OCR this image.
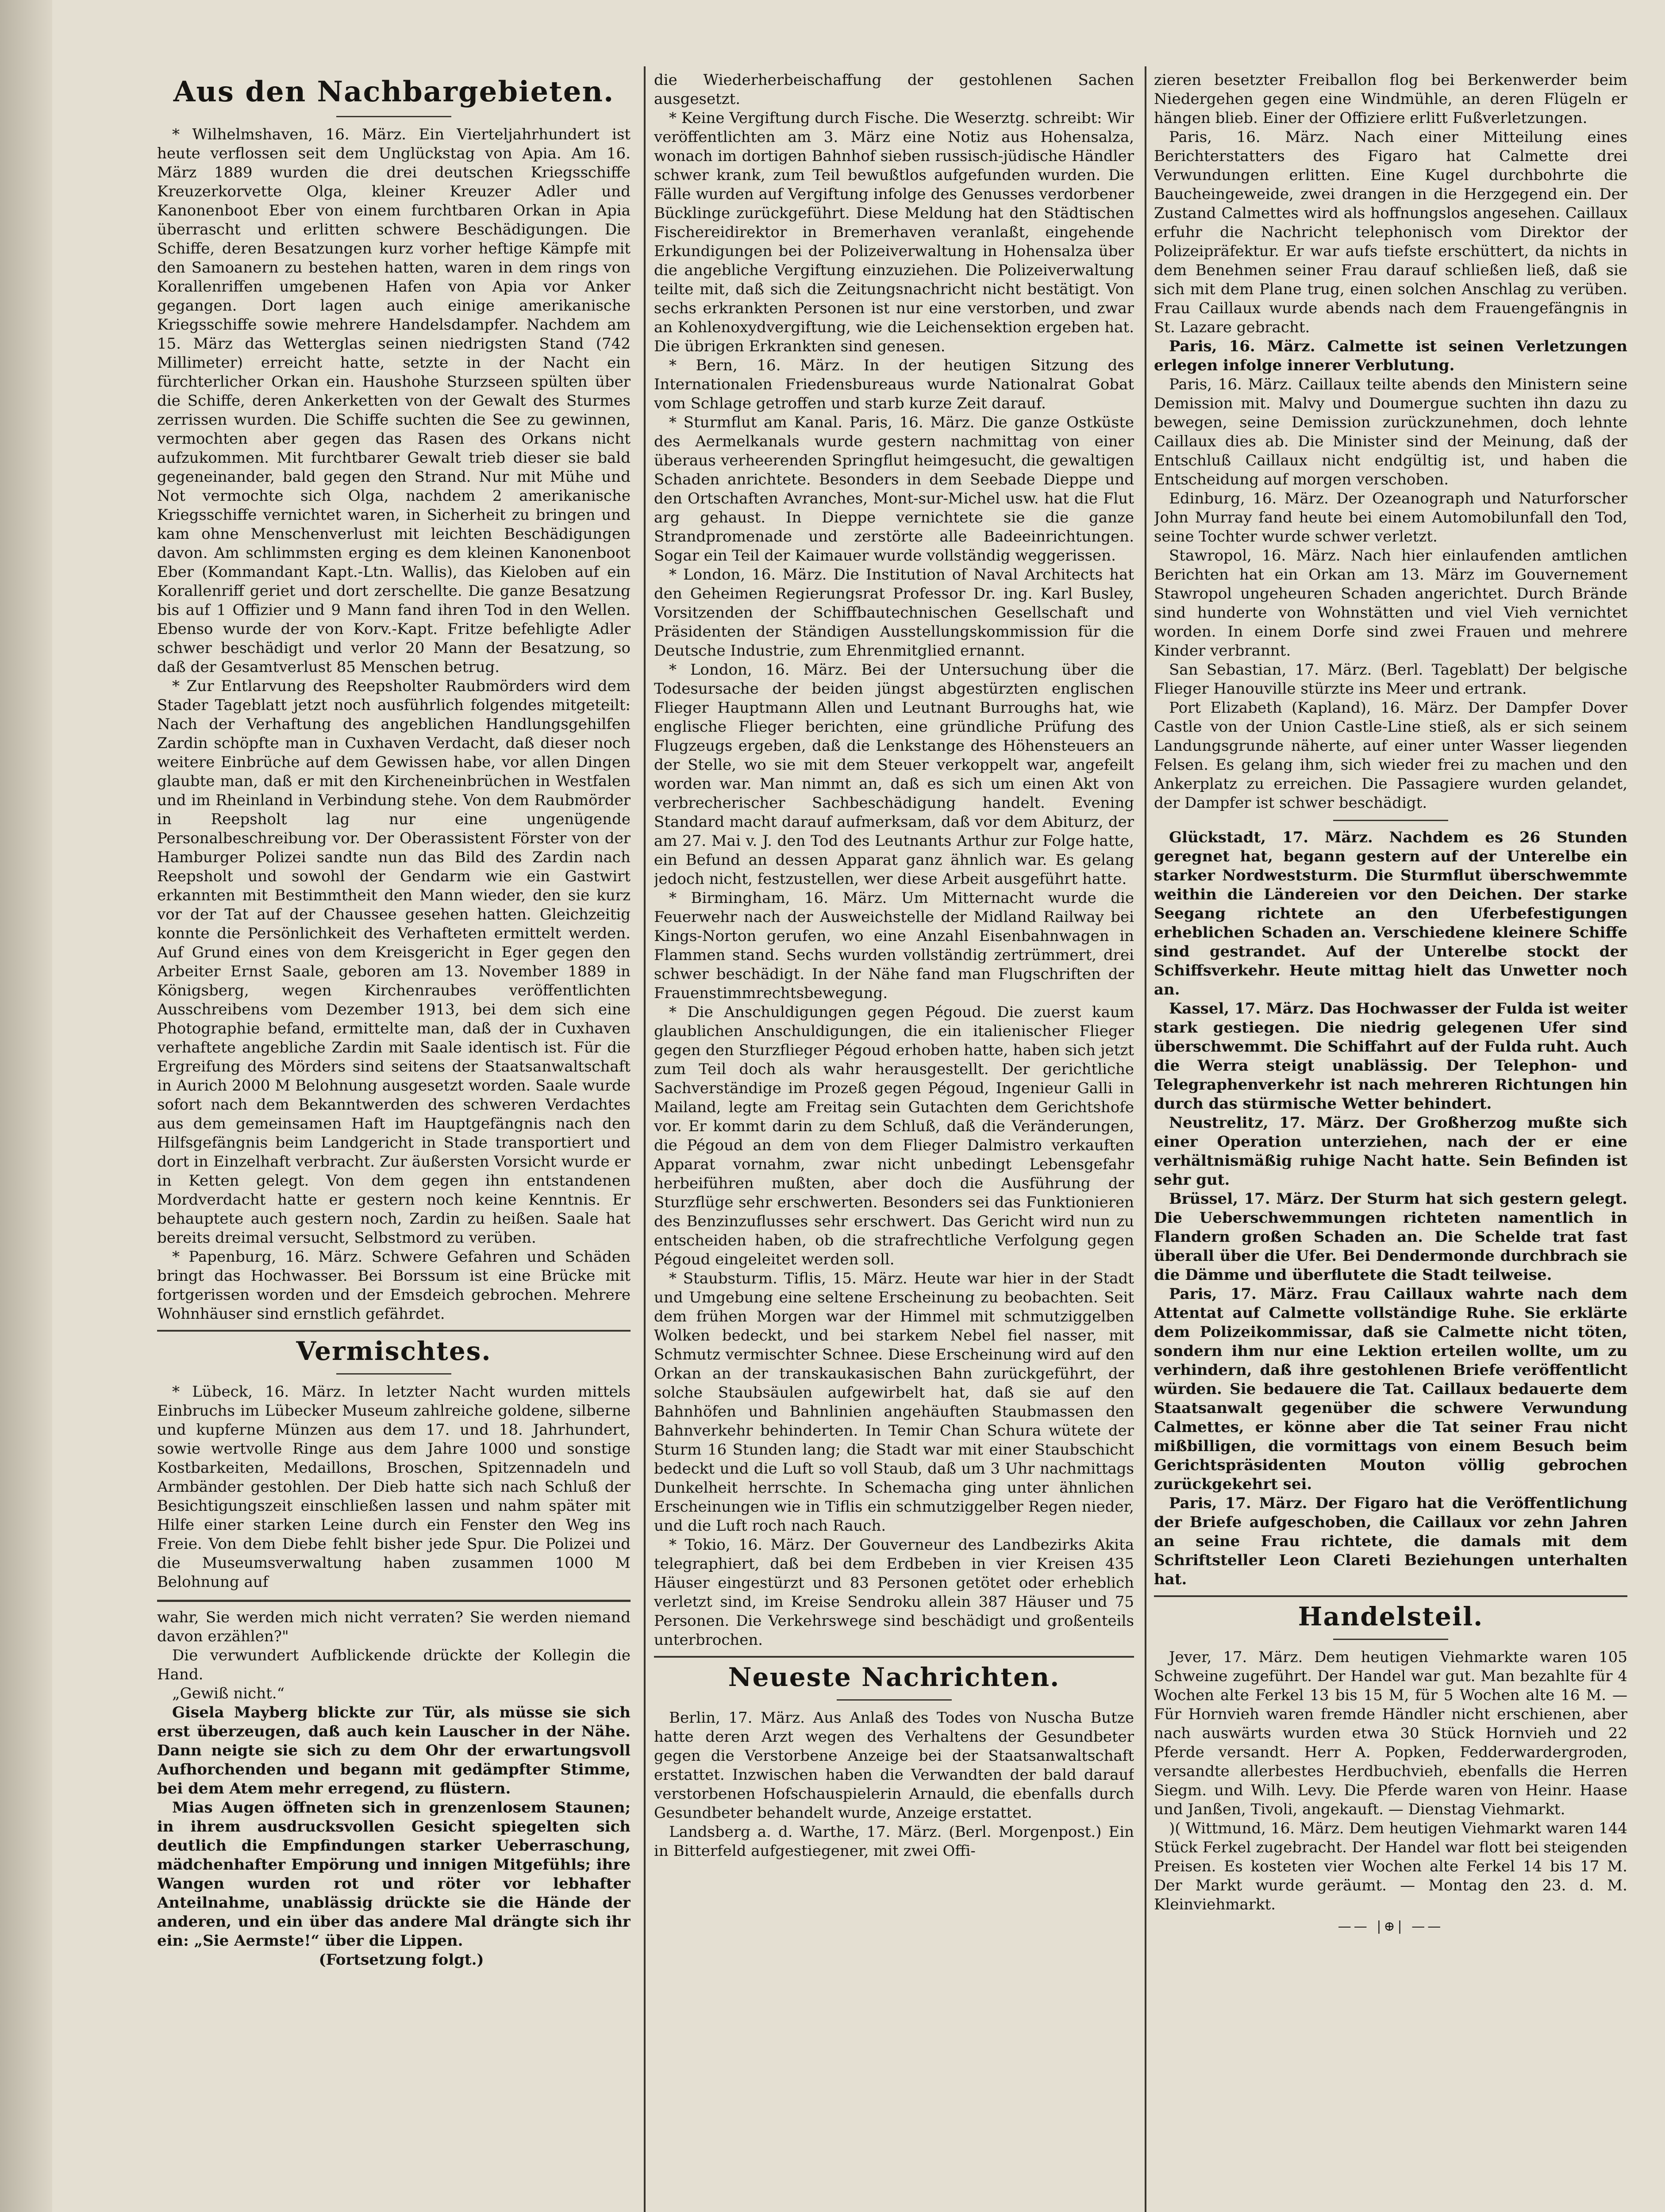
Aus den Nachbargebieten.

* Wilhelmshaven, 16. März. Ein Vierteljahrhundert ist heute verflossen seit dem Unglückstag von Apia. Am 16. März 1889 wurden die drei deutschen Kriegsschiffe Kreuzerkorvette Olga, kleiner Kreuzer Adler und Kanonenboot Eber von einem furchtbaren Orkan in Apia überrascht und erlitten schwere Beschädigungen. Die Schiffe, deren Besatzungen kurz vorher heftige Kämpfe mit den Samoanern zu bestehen hatten, waren in dem rings von Korallenriffen umgebenen Hafen von Apia vor Anker gegangen. Dort lagen auch einige amerikanische Kriegsschiffe sowie mehrere Handelsdampfer. Nachdem am 15. März das Wetterglas seinen niedrigsten Stand (742 Millimeter) erreicht hatte, setzte in der Nacht ein fürchterlicher Orkan ein. Haushohe Sturzseen spülten über die Schiffe, deren Ankerketten von der Gewalt des Sturmes zerrissen wurden. Die Schiffe suchten die See zu gewinnen, vermochten aber gegen das Rasen des Orkans nicht aufzukommen. Mit furchtbarer Gewalt trieb dieser sie bald gegeneinander, bald gegen den Strand. Nur mit Mühe und Not vermochte sich Olga, nachdem 2 amerikanische Kriegsschiffe vernichtet waren, in Sicherheit zu bringen und kam ohne Menschenverlust mit leichten Beschädigungen davon. Am schlimmsten erging es dem kleinen Kanonenboot Eber (Kommandant Kapt.-Ltn. Wallis), das Kieloben auf ein Korallenriff geriet und dort zerschellte. Die ganze Besatzung bis auf 1 Offizier und 9 Mann fand ihren Tod in den Wellen. Ebenso wurde der von Korv.-Kapt. Fritze befehligte Adler schwer beschädigt und verlor 20 Mann der Besatzung, so daß der Gesamtverlust 85 Menschen betrug.

* Zur Entlarvung des Reepsholter Raubmörders wird dem Stader Tageblatt jetzt noch ausführlich folgendes mitgeteilt: Nach der Verhaftung des angeblichen Handlungsgehilfen Zardin schöpfte man in Cuxhaven Verdacht, daß dieser noch weitere Einbrüche auf dem Gewissen habe, vor allen Dingen glaubte man, daß er mit den Kircheneinbrüchen in Westfalen und im Rheinland in Verbindung stehe. Von dem Raubmörder in Reepsholt lag nur eine ungenügende Personalbeschreibung vor. Der Oberassistent Förster von der Hamburger Polizei sandte nun das Bild des Zardin nach Reepsholt und sowohl der Gendarm wie ein Gastwirt erkannten mit Bestimmtheit den Mann wieder, den sie kurz vor der Tat auf der Chaussee gesehen hatten. Gleichzeitig konnte die Persönlichkeit des Verhafteten ermittelt werden. Auf Grund eines von dem Kreisgericht in Eger gegen den Arbeiter Ernst Saale, geboren am 13. November 1889 in Königsberg, wegen Kirchenraubes veröffentlichten Ausschreibens vom Dezember 1913, bei dem sich eine Photographie befand, ermittelte man, daß der in Cuxhaven verhaftete angebliche Zardin mit Saale identisch ist. Für die Ergreifung des Mörders sind seitens der Staatsanwaltschaft in Aurich 2000 M Belohnung ausgesetzt worden. Saale wurde sofort nach dem Bekanntwerden des schweren Verdachtes aus dem gemeinsamen Haft im Hauptgefängnis nach den Hilfsgefängnis beim Landgericht in Stade transportiert und dort in Einzelhaft verbracht. Zur äußersten Vorsicht wurde er in Ketten gelegt. Von dem gegen ihn entstandenen Mordverdacht hatte er gestern noch keine Kenntnis. Er behauptete auch gestern noch, Zardin zu heißen. Saale hat bereits dreimal versucht, Selbstmord zu verüben.

* Papenburg, 16. März. Schwere Gefahren und Schäden bringt das Hochwasser. Bei Borssum ist eine Brücke mit fortgerissen worden und der Emsdeich gebrochen. Mehrere Wohnhäuser sind ernstlich gefährdet.

Vermischtes.

* Lübeck, 16. März. In letzter Nacht wurden mittels Einbruchs im Lübecker Museum zahlreiche goldene, silberne und kupferne Münzen aus dem 17. und 18. Jahrhundert, sowie wertvolle Ringe aus dem Jahre 1000 und sonstige Kostbarkeiten, Medaillons, Broschen, Spitzennadeln und Armbänder gestohlen. Der Dieb hatte sich nach Schluß der Besichtigungszeit einschließen lassen und nahm später mit Hilfe einer starken Leine durch ein Fenster den Weg ins Freie. Von dem Diebe fehlt bisher jede Spur. Die Polizei und die Museumsverwaltung haben zusammen 1000 M Belohnung auf

wahr, Sie werden mich nicht verraten? Sie werden niemand davon erzählen?"

Die verwundert Aufblickende drückte der Kollegin die Hand.

„Gewiß nicht.“

Gisela Mayberg blickte zur Tür, als müsse sie sich erst überzeugen, daß auch kein Lauscher in der Nähe. Dann neigte sie sich zu dem Ohr der erwartungsvoll Aufhorchenden und begann mit gedämpfter Stimme, bei dem Atem mehr erregend, zu flüstern.

Mias Augen öffneten sich in grenzenlosem Staunen; in ihrem ausdrucksvollen Gesicht spiegelten sich deutlich die Empfindungen starker Ueberraschung, mädchenhafter Empörung und innigen Mitgefühls; ihre Wangen wurden rot und röter vor lebhafter Anteilnahme, unablässig drückte sie die Hände der anderen, und ein über das andere Mal drängte sich ihr ein: „Sie Aermste!“ über die Lippen.

(Fortsetzung folgt.)

die Wiederherbeischaffung der gestohlenen Sachen ausgesetzt.

* Keine Vergiftung durch Fische. Die Weserztg. schreibt: Wir veröffentlichten am 3. März eine Notiz aus Hohensalza, wonach im dortigen Bahnhof sieben russisch-jüdische Händler schwer krank, zum Teil bewußtlos aufgefunden wurden. Die Fälle wurden auf Vergiftung infolge des Genusses verdorbener Bücklinge zurückgeführt. Diese Meldung hat den Städtischen Fischereidirektor in Bremerhaven veranlaßt, eingehende Erkundigungen bei der Polizeiverwaltung in Hohensalza über die angebliche Vergiftung einzuziehen. Die Polizeiverwaltung teilte mit, daß sich die Zeitungsnachricht nicht bestätigt. Von sechs erkrankten Personen ist nur eine verstorben, und zwar an Kohlenoxydvergiftung, wie die Leichensektion ergeben hat. Die übrigen Erkrankten sind genesen.

* Bern, 16. März. In der heutigen Sitzung des Internationalen Friedensbureaus wurde Nationalrat Gobat vom Schlage getroffen und starb kurze Zeit darauf.

* Sturmflut am Kanal. Paris, 16. März. Die ganze Ostküste des Aermelkanals wurde gestern nachmittag von einer überaus verheerenden Springflut heimgesucht, die gewaltigen Schaden anrichtete. Besonders in dem Seebade Dieppe und den Ortschaften Avranches, Mont-sur-Michel usw. hat die Flut arg gehaust. In Dieppe vernichtete sie die ganze Strandpromenade und zerstörte alle Badeeinrichtungen. Sogar ein Teil der Kaimauer wurde vollständig weggerissen.

* London, 16. März. Die Institution of Naval Architects hat den Geheimen Regierungsrat Professor Dr. ing. Karl Busley, Vorsitzenden der Schiffbautechnischen Gesellschaft und Präsidenten der Ständigen Ausstellungskommission für die Deutsche Industrie, zum Ehrenmitglied ernannt.

* London, 16. März. Bei der Untersuchung über die Todesursache der beiden jüngst abgestürzten englischen Flieger Hauptmann Allen und Leutnant Burroughs hat, wie englische Flieger berichten, eine gründliche Prüfung des Flugzeugs ergeben, daß die Lenkstange des Höhensteuers an der Stelle, wo sie mit dem Steuer verkoppelt war, angefeilt worden war. Man nimmt an, daß es sich um einen Akt von verbrecherischer Sachbeschädigung handelt. Evening Standard macht darauf aufmerksam, daß vor dem Abiturz, der am 27. Mai v. J. den Tod des Leutnants Arthur zur Folge hatte, ein Befund an dessen Apparat ganz ähnlich war. Es gelang jedoch nicht, festzustellen, wer diese Arbeit ausgeführt hatte.

* Birmingham, 16. März. Um Mitternacht wurde die Feuerwehr nach der Ausweichstelle der Midland Railway bei Kings-Norton gerufen, wo eine Anzahl Eisenbahnwagen in Flammen stand. Sechs wurden vollständig zertrümmert, drei schwer beschädigt. In der Nähe fand man Flugschriften der Frauenstimmrechtsbewegung.

* Die Anschuldigungen gegen Pégoud. Die zuerst kaum glaublichen Anschuldigungen, die ein italienischer Flieger gegen den Sturzflieger Pégoud erhoben hatte, haben sich jetzt zum Teil doch als wahr herausgestellt. Der gerichtliche Sachverständige im Prozeß gegen Pégoud, Ingenieur Galli in Mailand, legte am Freitag sein Gutachten dem Gerichtshofe vor. Er kommt darin zu dem Schluß, daß die Veränderungen, die Pégoud an dem von dem Flieger Dalmistro verkauften Apparat vornahm, zwar nicht unbedingt Lebensgefahr herbeiführen mußten, aber doch die Ausführung der Sturzflüge sehr erschwerten. Besonders sei das Funktionieren des Benzinzuflusses sehr erschwert. Das Gericht wird nun zu entscheiden haben, ob die strafrechtliche Verfolgung gegen Pégoud eingeleitet werden soll.

* Staubsturm. Tiflis, 15. März. Heute war hier in der Stadt und Umgebung eine seltene Erscheinung zu beobachten. Seit dem frühen Morgen war der Himmel mit schmutziggelben Wolken bedeckt, und bei starkem Nebel fiel nasser, mit Schmutz vermischter Schnee. Diese Erscheinung wird auf den Orkan an der transkaukasischen Bahn zurückgeführt, der solche Staubsäulen aufgewirbelt hat, daß sie auf den Bahnhöfen und Bahnlinien angehäuften Staubmassen den Bahnverkehr behinderten. In Temir Chan Schura wütete der Sturm 16 Stunden lang; die Stadt war mit einer Staubschicht bedeckt und die Luft so voll Staub, daß um 3 Uhr nachmittags Dunkelheit herrschte. In Schemacha ging unter ähnlichen Erscheinungen wie in Tiflis ein schmutziggelber Regen nieder, und die Luft roch nach Rauch.

* Tokio, 16. März. Der Gouverneur des Landbezirks Akita telegraphiert, daß bei dem Erdbeben in vier Kreisen 435 Häuser eingestürzt und 83 Personen getötet oder erheblich verletzt sind, im Kreise Sendroku allein 387 Häuser und 75 Personen. Die Verkehrswege sind beschädigt und großenteils unterbrochen.

Neueste Nachrichten.

Berlin, 17. März. Aus Anlaß des Todes von Nuscha Butze hatte deren Arzt wegen des Verhaltens der Gesundbeter gegen die Verstorbene Anzeige bei der Staatsanwaltschaft erstattet. Inzwischen haben die Verwandten der bald darauf verstorbenen Hofschauspielerin Arnauld, die ebenfalls durch Gesundbeter behandelt wurde, Anzeige erstattet.

Landsberg a. d. Warthe, 17. März. (Berl. Morgenpost.) Ein in Bitterfeld aufgestiegener, mit zwei Offi-

zieren besetzter Freiballon flog bei Berkenwerder beim Niedergehen gegen eine Windmühle, an deren Flügeln er hängen blieb. Einer der Offiziere erlitt Fußverletzungen.

Paris, 16. März. Nach einer Mitteilung eines Berichterstatters des Figaro hat Calmette drei Verwundungen erlitten. Eine Kugel durchbohrte die Baucheingeweide, zwei drangen in die Herzgegend ein. Der Zustand Calmettes wird als hoffnungslos angesehen. Caillaux erfuhr die Nachricht telephonisch vom Direktor der Polizeipräfektur. Er war aufs tiefste erschüttert, da nichts in dem Benehmen seiner Frau darauf schließen ließ, daß sie sich mit dem Plane trug, einen solchen Anschlag zu verüben. Frau Caillaux wurde abends nach dem Frauengefängnis in St. Lazare gebracht.

Paris, 16. März. Calmette ist seinen Verletzungen erlegen infolge innerer Verblutung.

Paris, 16. März. Caillaux teilte abends den Ministern seine Demission mit. Malvy und Doumergue suchten ihn dazu zu bewegen, seine Demission zurückzunehmen, doch lehnte Caillaux dies ab. Die Minister sind der Meinung, daß der Entschluß Caillaux nicht endgültig ist, und haben die Entscheidung auf morgen verschoben.

Edinburg, 16. März. Der Ozeanograph und Naturforscher John Murray fand heute bei einem Automobilunfall den Tod, seine Tochter wurde schwer verletzt.

Stawropol, 16. März. Nach hier einlaufenden amtlichen Berichten hat ein Orkan am 13. März im Gouvernement Stawropol ungeheuren Schaden angerichtet. Durch Brände sind hunderte von Wohnstätten und viel Vieh vernichtet worden. In einem Dorfe sind zwei Frauen und mehrere Kinder verbrannt.

San Sebastian, 17. März. (Berl. Tageblatt) Der belgische Flieger Hanouville stürzte ins Meer und ertrank.

Port Elizabeth (Kapland), 16. März. Der Dampfer Dover Castle von der Union Castle-Line stieß, als er sich seinem Landungsgrunde näherte, auf einer unter Wasser liegenden Felsen. Es gelang ihm, sich wieder frei zu machen und den Ankerplatz zu erreichen. Die Passagiere wurden gelandet, der Dampfer ist schwer beschädigt.

Glückstadt, 17. März. Nachdem es 26 Stunden geregnet hat, begann gestern auf der Unterelbe ein starker Nordweststurm. Die Sturmflut überschwemmte weithin die Ländereien vor den Deichen. Der starke Seegang richtete an den Uferbefestigungen erheblichen Schaden an. Verschiedene kleinere Schiffe sind gestrandet. Auf der Unterelbe stockt der Schiffsverkehr. Heute mittag hielt das Unwetter noch an.

Kassel, 17. März. Das Hochwasser der Fulda ist weiter stark gestiegen. Die niedrig gelegenen Ufer sind überschwemmt. Die Schiffahrt auf der Fulda ruht. Auch die Werra steigt unablässig. Der Telephon- und Telegraphenverkehr ist nach mehreren Richtungen hin durch das stürmische Wetter behindert.

Neustrelitz, 17. März. Der Großherzog mußte sich einer Operation unterziehen, nach der er eine verhältnismäßig ruhige Nacht hatte. Sein Befinden ist sehr gut.

Brüssel, 17. März. Der Sturm hat sich gestern gelegt. Die Ueberschwemmungen richteten namentlich in Flandern großen Schaden an. Die Schelde trat fast überall über die Ufer. Bei Dendermonde durchbrach sie die Dämme und überflutete die Stadt teilweise.

Paris, 17. März. Frau Caillaux wahrte nach dem Attentat auf Calmette vollständige Ruhe. Sie erklärte dem Polizeikommissar, daß sie Calmette nicht töten, sondern ihm nur eine Lektion erteilen wollte, um zu verhindern, daß ihre gestohlenen Briefe veröffentlicht würden. Sie bedauere die Tat. Caillaux bedauerte dem Staatsanwalt gegenüber die schwere Verwundung Calmettes, er könne aber die Tat seiner Frau nicht mißbilligen, die vormittags von einem Besuch beim Gerichtspräsidenten Mouton völlig gebrochen zurückgekehrt sei.

Paris, 17. März. Der Figaro hat die Veröffentlichung der Briefe aufgeschoben, die Caillaux vor zehn Jahren an seine Frau richtete, die damals mit dem Schriftsteller Leon Clareti Beziehungen unterhalten hat.

Handelsteil.

Jever, 17. März. Dem heutigen Viehmarkte waren 105 Schweine zugeführt. Der Handel war gut. Man bezahlte für 4 Wochen alte Ferkel 13 bis 15 M, für 5 Wochen alte 16 M. — Für Hornvieh waren fremde Händler nicht erschienen, aber nach auswärts wurden etwa 30 Stück Hornvieh und 22 Pferde versandt. Herr A. Popken, Fedderwardergroden, versandte allerbestes Herdbuchvieh, ebenfalls die Herren Siegm. und Wilh. Levy. Die Pferde waren von Heinr. Haase und Janßen, Tivoli, angekauft. — Dienstag Viehmarkt.

)( Wittmund, 16. März. Dem heutigen Viehmarkt waren 144 Stück Ferkel zugebracht. Der Handel war flott bei steigenden Preisen. Es kosteten vier Wochen alte Ferkel 14 bis 17 M. Der Markt wurde geräumt. — Montag den 23. d. M. Kleinviehmarkt.

—— |⊕| ——
